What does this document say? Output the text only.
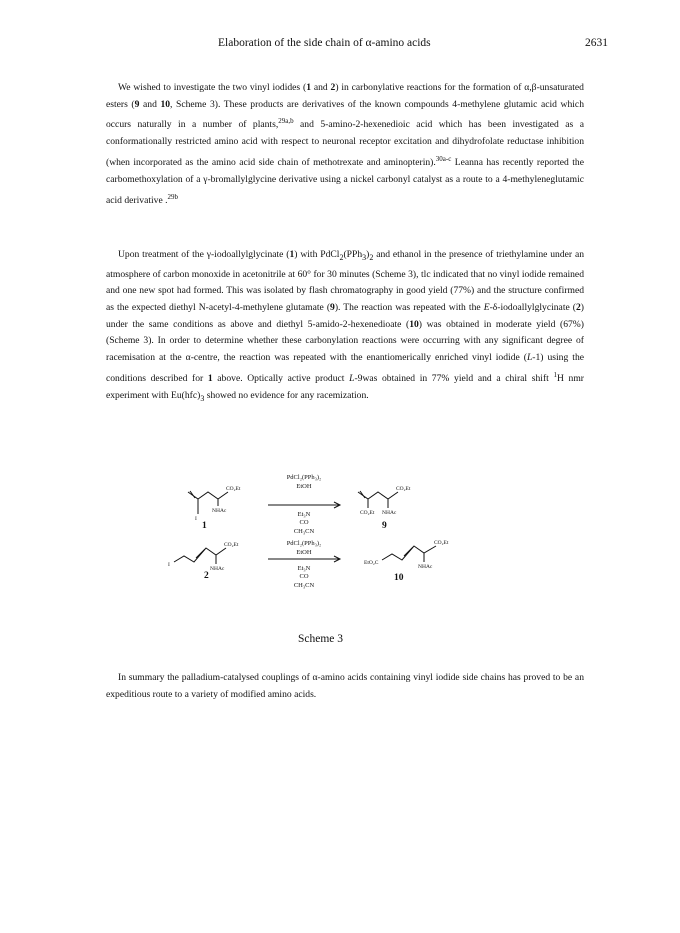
Elaboration of the side chain of α-amino acids	2631

We wished to investigate the two vinyl iodides (1 and 2) in carbonylative reactions for the formation of α,β-unsaturated esters (9 and 10, Scheme 3). These products are derivatives of the known compounds 4-methylene glutamic acid which occurs naturally in a number of plants,$^{29a,b}$ and 5-amino-2-hexenedioic acid which has been investigated as a conformationally restricted amino acid with respect to neuronal receptor excitation and dihydrofolate reductase inhibition (when incorporated as the amino acid side chain of methotrexate and aminopterin).$^{30a-c}$ Leanna has recently reported the carbomethoxylation of a γ-bromallylglycine derivative using a nickel carbonyl catalyst as a route to a 4-methyleneglutamic acid derivative .$^{29b}$

Upon treatment of the γ-iodoallylglycinate (1) with $PdCl_2(PPh_3)_2$ and ethanol in the presence of triethylamine under an atmosphere of carbon monoxide in acetonitrile at 60° for 30 minutes (Scheme 3), tlc indicated that no vinyl iodide remained and one new spot had formed. This was isolated by flash chromatography in good yield (77%) and the structure confirmed as the expected diethyl N-acetyl-4-methylene glutamate (9). The reaction was repeated with the E-δ-iodoallylglycinate (2) under the same conditions as above and diethyl 5-amido-2-hexenedioate (10) was obtained in moderate yield (67%) (Scheme 3). In order to determine whether these carbonylation reactions were occurring with any significant degree of racemisation at the α-centre, the reaction was repeated with the enantiomerically enriched vinyl iodide (L-1) using the conditions described for 1 above. Optically active product L-9was obtained in 77% yield and a chiral shift $^1$H nmr experiment with $Eu(hfc)_3$ showed no evidence for any racemization.

CO₂Et
I
NHAc
CO₂Et
CO₂Et NHAc
I
CO₂Et
NHAc
EtO₂C
CO₂Et
NHAc
PdCl₂(PPh₃)₂
EtOH
Et₃N
CO
CH₃CN
PdCl₂(PPh₃)₂
EtOH
Et₃N
CO
CH₃CN
1	9
2	10
Scheme 3

In summary the palladium-catalysed couplings of α-amino acids containing vinyl iodide side chains has proved to be an expeditious route to a variety of modified amino acids.
